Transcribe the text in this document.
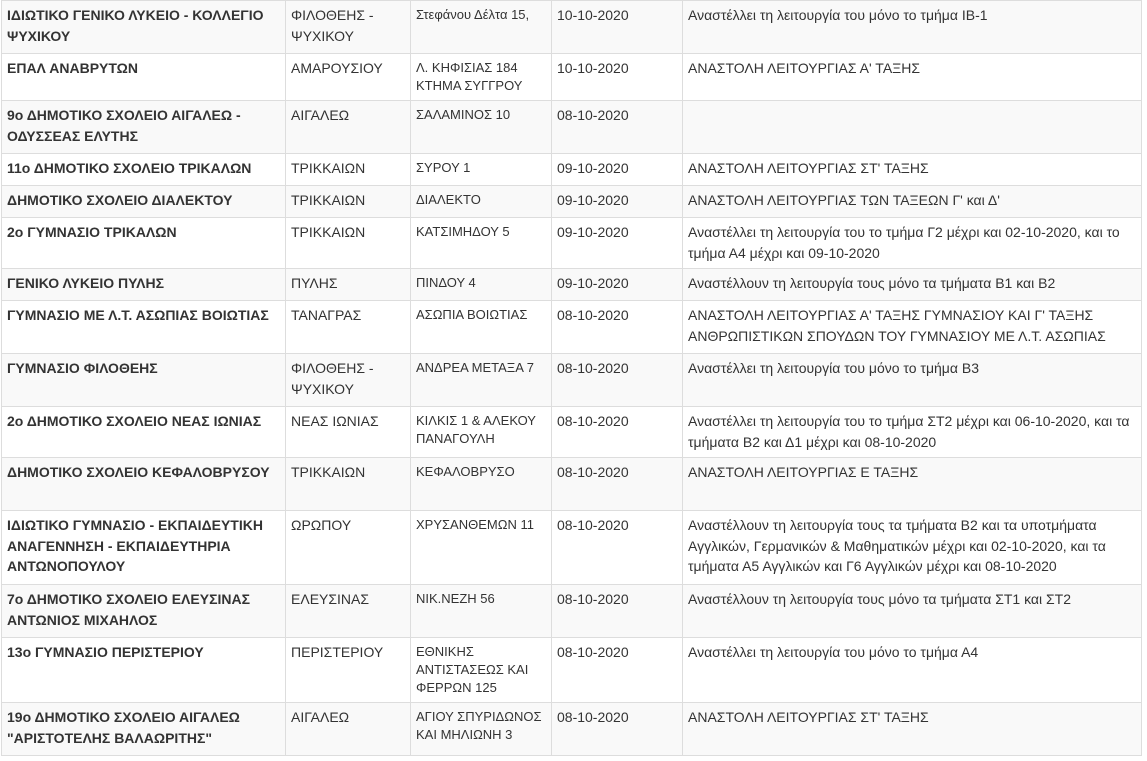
ΙΔΙΩΤΙΚΟ ΓΕΝΙΚΟ ΛΥΚΕΙΟ - ΚΟΛΛΕΓΙΟ ΨΥΧΙΚΟΥ	ΦΙΛΟΘΕΗΣ - ΨΥΧΙΚΟΥ	Στεφάνου Δέλτα 15,	10-10-2020	Αναστέλλει τη λειτουργία του μόνο το τμήμα ΙΒ-1
ΕΠΑΛ ΑΝΑΒΡΥΤΩΝ	ΑΜΑΡΟΥΣΙΟΥ	Λ. ΚΗΦΙΣΙΑΣ 184 ΚΤΗΜΑ ΣΥΓΓΡΟΥ	10-10-2020	ΑΝΑΣΤΟΛΗ ΛΕΙΤΟΥΡΓΙΑΣ Α' ΤΑΞΗΣ
9ο ΔΗΜΟΤΙΚΟ ΣΧΟΛΕΙΟ ΑΙΓΑΛΕΩ - ΟΔΥΣΣΕΑΣ ΕΛΥΤΗΣ	ΑΙΓΑΛΕΩ	ΣΑΛΑΜΙΝΟΣ 10	08-10-2020	
11ο ΔΗΜΟΤΙΚΟ ΣΧΟΛΕΙΟ ΤΡΙΚΑΛΩΝ	ΤΡΙΚΚΑΙΩΝ	ΣΥΡΟΥ 1	09-10-2020	ΑΝΑΣΤΟΛΗ ΛΕΙΤΟΥΡΓΙΑΣ ΣΤ' ΤΑΞΗΣ
ΔΗΜΟΤΙΚΟ ΣΧΟΛΕΙΟ ΔΙΑΛΕΚΤΟΥ	ΤΡΙΚΚΑΙΩΝ	ΔΙΑΛΕΚΤΟ	09-10-2020	ΑΝΑΣΤΟΛΗ ΛΕΙΤΟΥΡΓΙΑΣ ΤΩΝ ΤΑΞΕΩΝ Γ' και Δ'
2ο ΓΥΜΝΑΣΙΟ ΤΡΙΚΑΛΩΝ	ΤΡΙΚΚΑΙΩΝ	ΚΑΤΣΙΜΗΔΟΥ 5	09-10-2020	Αναστέλλει τη λειτουργία του το τμήμα Γ2 μέχρι και 02-10-2020, και το τμήμα Α4 μέχρι και 09-10-2020
ΓΕΝΙΚΟ ΛΥΚΕΙΟ ΠΥΛΗΣ	ΠΥΛΗΣ	ΠΙΝΔΟΥ 4	09-10-2020	Αναστέλλουν τη λειτουργία τους μόνο τα τμήματα Β1 και Β2
ΓΥΜΝΑΣΙΟ ΜΕ Λ.Τ. ΑΣΩΠΙΑΣ ΒΟΙΩΤΙΑΣ	ΤΑΝΑΓΡΑΣ	ΑΣΩΠΙΑ ΒΟΙΩΤΙΑΣ	08-10-2020	ΑΝΑΣΤΟΛΗ ΛΕΙΤΟΥΡΓΙΑΣ Α' ΤΑΞΗΣ ΓΥΜΝΑΣΙΟΥ ΚΑΙ Γ' ΤΑΞΗΣ ΑΝΘΡΩΠΙΣΤΙΚΩΝ ΣΠΟΥΔΩΝ ΤΟΥ ΓΥΜΝΑΣΙΟΥ ΜΕ Λ.Τ. ΑΣΩΠΙΑΣ
ΓΥΜΝΑΣΙΟ ΦΙΛΟΘΕΗΣ	ΦΙΛΟΘΕΗΣ - ΨΥΧΙΚΟΥ	ΑΝΔΡΕΑ ΜΕΤΑΞΑ 7	08-10-2020	Αναστέλλει τη λειτουργία του μόνο το τμήμα Β3
2ο ΔΗΜΟΤΙΚΟ ΣΧΟΛΕΙΟ ΝΕΑΣ ΙΩΝΙΑΣ	ΝΕΑΣ ΙΩΝΙΑΣ	ΚΙΛΚΙΣ 1 & ΑΛΕΚΟΥ ΠΑΝΑΓΟΥΛΗ	08-10-2020	Αναστέλλει τη λειτουργία του το τμήμα ΣΤ2 μέχρι και 06-10-2020, και τα τμήματα Β2 και Δ1 μέχρι και 08-10-2020
ΔΗΜΟΤΙΚΟ ΣΧΟΛΕΙΟ ΚΕΦΑΛΟΒΡΥΣΟΥ	ΤΡΙΚΚΑΙΩΝ	ΚΕΦΑΛΟΒΡΥΣΟ	08-10-2020	ΑΝΑΣΤΟΛΗ ΛΕΙΤΟΥΡΓΙΑΣ Ε ΤΑΞΗΣ
ΙΔΙΩΤΙΚΟ ΓΥΜΝΑΣΙΟ - ΕΚΠΑΙΔΕΥΤΙΚΗ ΑΝΑΓΕΝΝΗΣΗ - ΕΚΠΑΙΔΕΥΤΗΡΙΑ ΑΝΤΩΝΟΠΟΥΛΟΥ	ΩΡΩΠΟΥ	ΧΡΥΣΑΝΘΕΜΩΝ 11	08-10-2020	Αναστέλλουν τη λειτουργία τους τα τμήματα Β2 και τα υποτμήματα Αγγλικών, Γερμανικών & Μαθηματικών μέχρι και 02-10-2020, και τα τμήματα Α5 Αγγλικών και Γ6 Αγγλικών μέχρι και 08-10-2020
7ο ΔΗΜΟΤΙΚΟ ΣΧΟΛΕΙΟ ΕΛΕΥΣΙΝΑΣ ΑΝΤΩΝΙΟΣ ΜΙΧΑΗΛΟΣ	ΕΛΕΥΣΙΝΑΣ	ΝΙΚ.ΝΕΖΗ 56	08-10-2020	Αναστέλλουν τη λειτουργία τους μόνο τα τμήματα ΣΤ1 και ΣΤ2
13ο ΓΥΜΝΑΣΙΟ ΠΕΡΙΣΤΕΡΙΟΥ	ΠΕΡΙΣΤΕΡΙΟΥ	ΕΘΝΙΚΗΣ ΑΝΤΙΣΤΑΣΕΩΣ ΚΑΙ ΦΕΡΡΩΝ 125	08-10-2020	Αναστέλλει τη λειτουργία του μόνο το τμήμα Α4
19ο ΔΗΜΟΤΙΚΟ ΣΧΟΛΕΙΟ ΑΙΓΑΛΕΩ "ΑΡΙΣΤΟΤΕΛΗΣ ΒΑΛΑΩΡΙΤΗΣ"	ΑΙΓΑΛΕΩ	ΑΓΙΟΥ ΣΠΥΡΙΔΩΝΟΣ ΚΑΙ ΜΗΛΙΩΝΗ 3	08-10-2020	ΑΝΑΣΤΟΛΗ ΛΕΙΤΟΥΡΓΙΑΣ ΣΤ' ΤΑΞΗΣ
